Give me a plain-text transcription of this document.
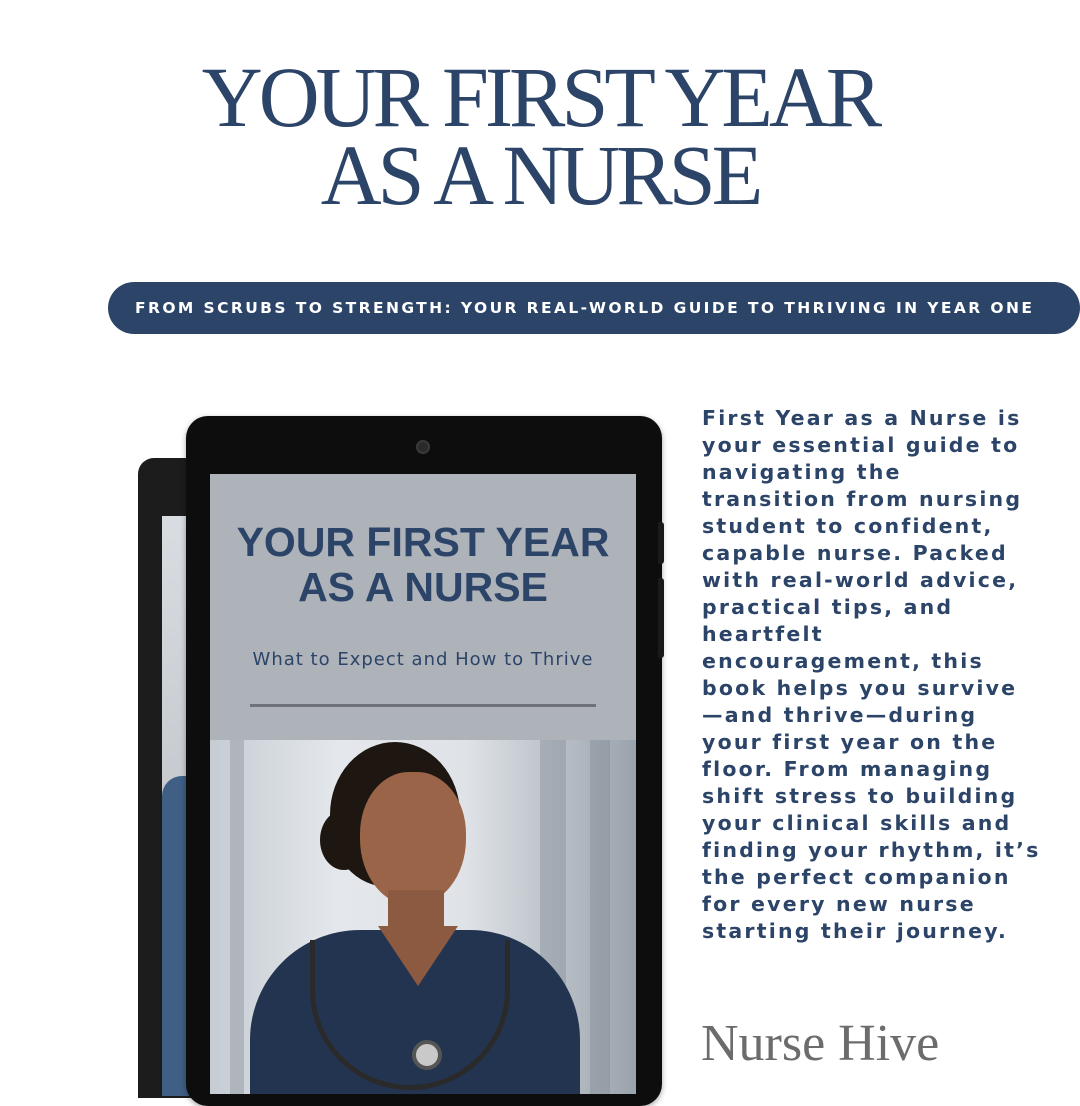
YOUR FIRST YEAR
AS A NURSE
FROM SCRUBS TO STRENGTH: YOUR REAL-WORLD GUIDE TO THRIVING IN YEAR ONE
YOUR FIRST YEAR
AS A NURSE
What to Expect and How to Thrive
First Year as a Nurse is
your essential guide to
navigating the
transition from nursing
student to confident,
capable nurse. Packed
with real-world advice,
practical tips, and
heartfelt
encouragement, this
book helps you survive
—and thrive—during
your first year on the
floor. From managing
shift stress to building
your clinical skills and
finding your rhythm, it’s
the perfect companion
for every new nurse
starting their journey.
Nurse Hive
